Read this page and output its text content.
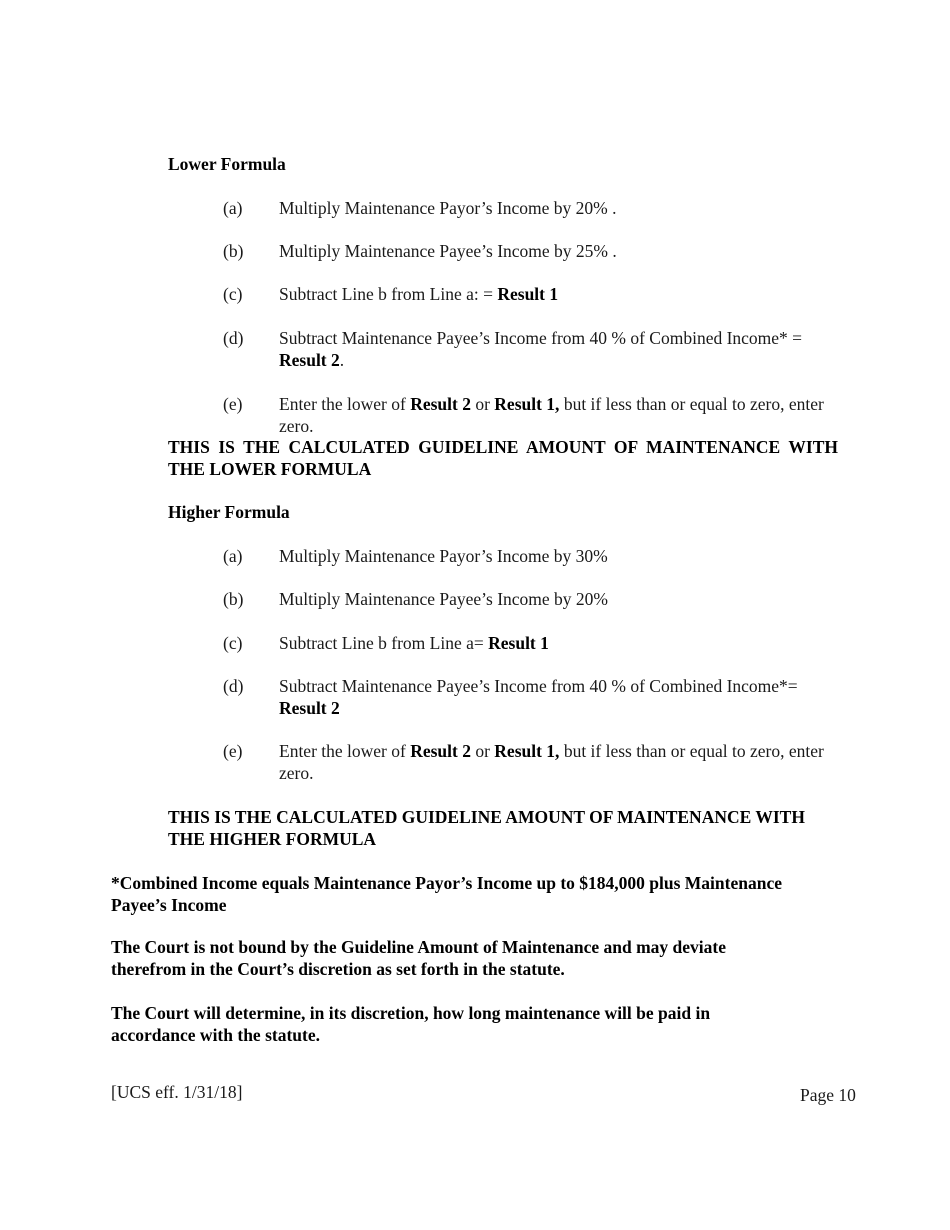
Lower Formula
(a)	Multiply Maintenance Payor’s Income by 20% .
(b)	Multiply Maintenance Payee’s Income by 25% .
(c)	Subtract Line b from Line a: = Result 1
(d)	Subtract Maintenance Payee’s Income from 40 % of Combined Income* =
Result 2.
(e)	Enter the lower of Result 2 or Result 1, but if less than or equal to zero, enter zero.
THIS IS THE CALCULATED GUIDELINE AMOUNT OF MAINTENANCE WITH THE LOWER FORMULA
Higher Formula
(a)	Multiply Maintenance Payor’s Income by 30%
(b)	Multiply Maintenance Payee’s Income by 20%
(c)	Subtract Line b from Line a= Result 1
(d)	Subtract Maintenance Payee’s Income from 40 % of Combined Income*=
Result 2
(e)	Enter the lower of Result 2 or Result 1, but if less than or equal to zero, enter zero.
THIS IS THE CALCULATED GUIDELINE AMOUNT OF MAINTENANCE WITH THE HIGHER FORMULA
*Combined Income equals Maintenance Payor’s Income up to $184,000 plus Maintenance Payee’s Income
The Court is not bound by the Guideline Amount of Maintenance and may deviate therefrom in the Court’s discretion as set forth in the statute.
The Court will determine, in its discretion, how long maintenance will be paid in accordance with the statute.
[UCS eff. 1/31/18]	Page 10
